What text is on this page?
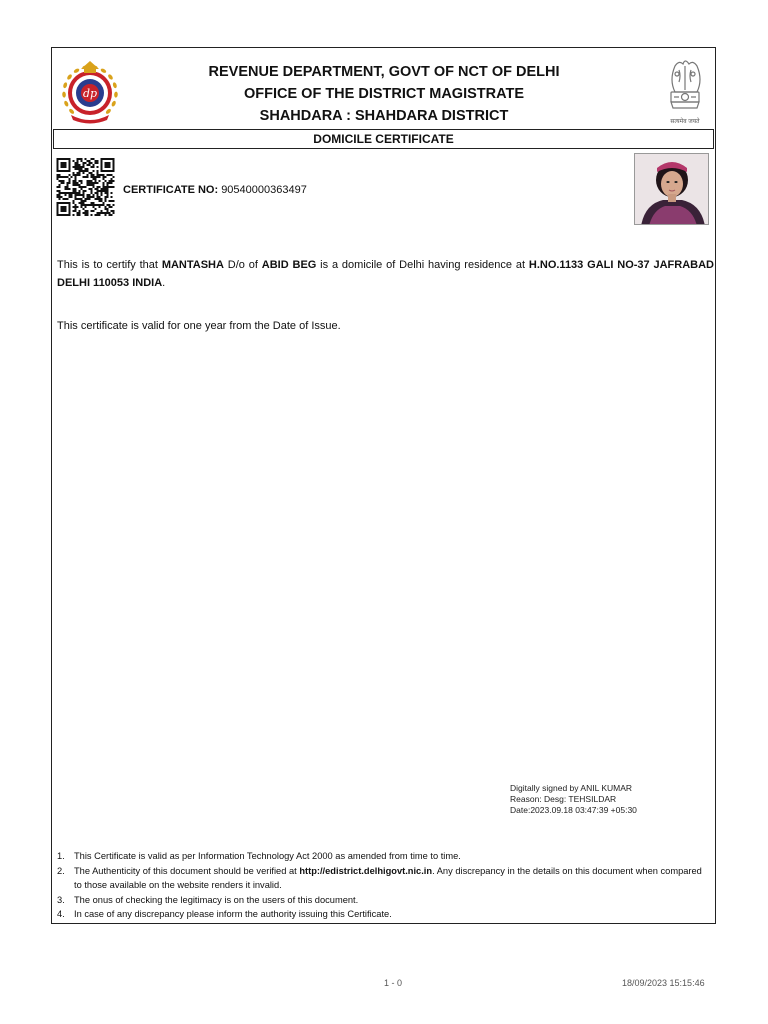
dp
REVENUE DEPARTMENT, GOVT OF NCT OF DELHI
OFFICE OF THE DISTRICT MAGISTRATE
SHAHDARA : SHAHDARA DISTRICT	सत्यमेव जयते
DOMICILE CERTIFICATE
CERTIFICATE NO: 90540000363497
This is to certify that MANTASHA D/o of ABID BEG is a domicile of Delhi having residence at H.NO.1133 GALI NO-37 JAFRABAD DELHI 110053 INDIA.
This certificate is valid for one year from the Date of Issue.
Digitally signed by ANIL KUMAR
Reason: Desg: TEHSILDAR
Date:2023.09.18 03:47:39 +05:30
1. This Certificate is valid as per Information Technology Act 2000 as amended from time to time.
2. The Authenticity of this document should be verified at http://edistrict.delhigovt.nic.in. Any discrepancy in the details on this document when compared to those available on the website renders it invalid.
3. The onus of checking the legitimacy is on the users of this document.
4. In case of any discrepancy please inform the authority issuing this Certificate.
1 - 0	18/09/2023 15:15:46
